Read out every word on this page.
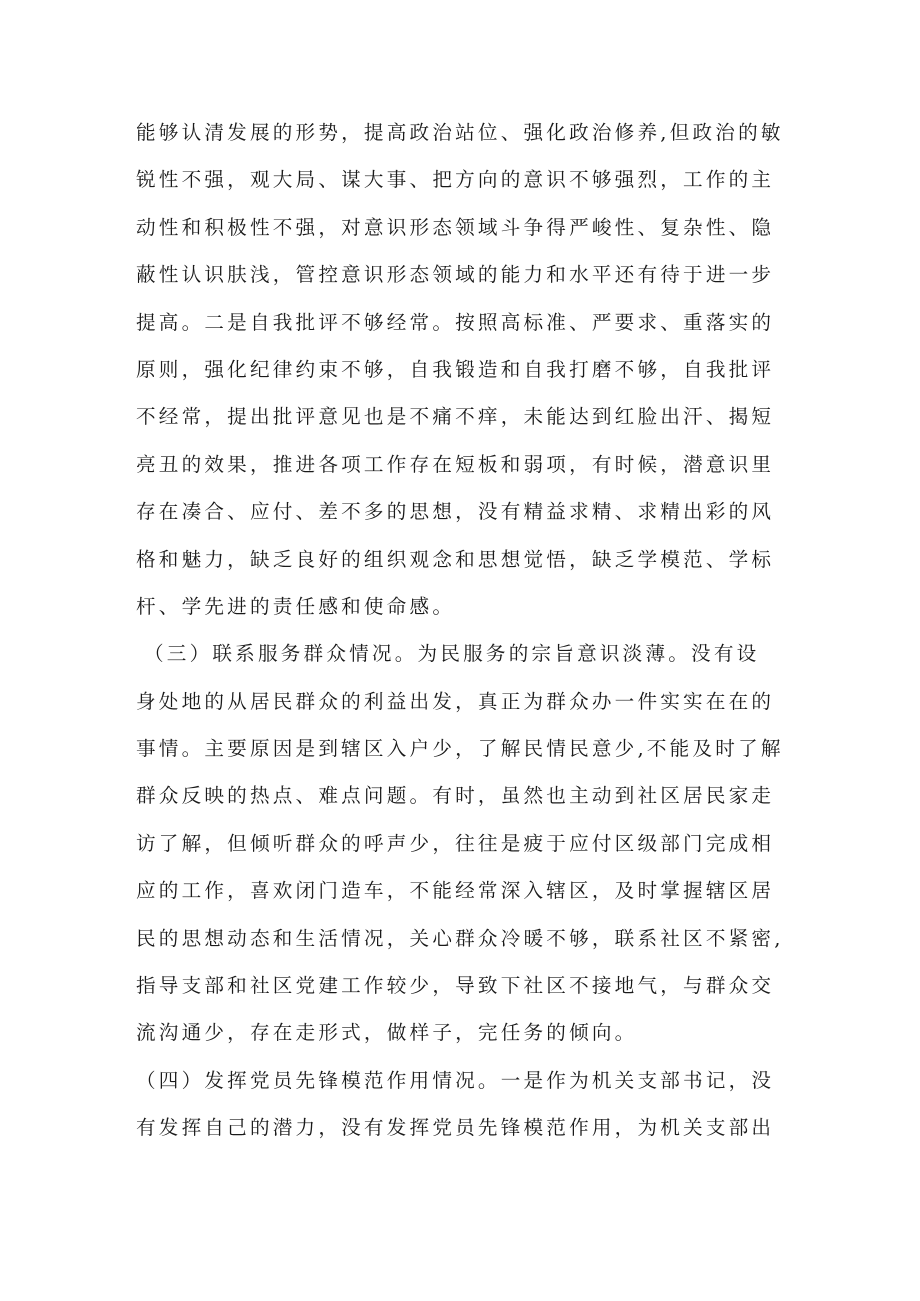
能够认清发展的形势，提高政治站位、强化政治修养,但政治的敏
锐性不强，观大局、谋大事、把方向的意识不够强烈，工作的主
动性和积极性不强，对意识形态领域斗争得严峻性、复杂性、隐
蔽性认识肤浅，管控意识形态领域的能力和水平还有待于进一步
提高。二是自我批评不够经常。按照高标准、严要求、重落实的
原则，强化纪律约束不够，自我锻造和自我打磨不够，自我批评
不经常，提出批评意见也是不痛不痒，未能达到红脸出汗、揭短
亮丑的效果，推进各项工作存在短板和弱项，有时候，潜意识里
存在凑合、应付、差不多的思想，没有精益求精、求精出彩的风
格和魅力，缺乏良好的组织观念和思想觉悟，缺乏学模范、学标
杆、学先进的责任感和使命感。
（三）联系服务群众情况。为民服务的宗旨意识淡薄。没有设
身处地的从居民群众的利益出发，真正为群众办一件实实在在的
事情。主要原因是到辖区入户少，了解民情民意少,不能及时了解
群众反映的热点、难点问题。有时，虽然也主动到社区居民家走
访了解，但倾听群众的呼声少，往往是疲于应付区级部门完成相
应的工作，喜欢闭门造车，不能经常深入辖区，及时掌握辖区居
民的思想动态和生活情况，关心群众冷暖不够，联系社区不紧密,
指导支部和社区党建工作较少，导致下社区不接地气，与群众交
流沟通少，存在走形式，做样子，完任务的倾向。
（四）发挥党员先锋模范作用情况。一是作为机关支部书记，没
有发挥自己的潜力，没有发挥党员先锋模范作用，为机关支部出
